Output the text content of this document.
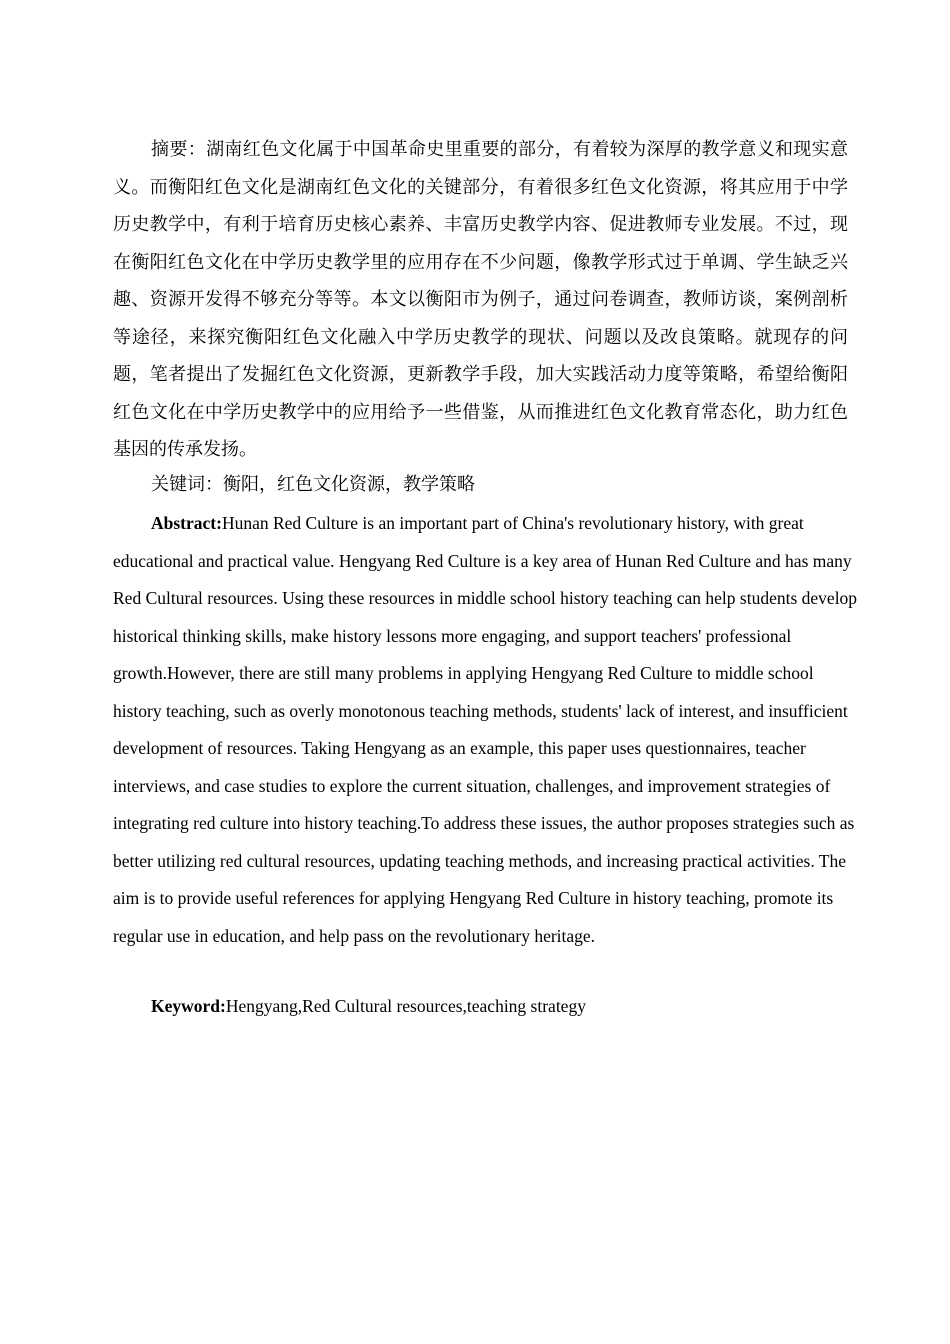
摘要：湖南红色文化属于中国革命史里重要的部分，有着较为深厚的教学意义和现实意义。而衡阳红色文化是湖南红色文化的关键部分，有着很多红色文化资源，将其应用于中学历史教学中，有利于培育历史核心素养、丰富历史教学内容、促进教师专业发展。不过，现在衡阳红色文化在中学历史教学里的应用存在不少问题，像教学形式过于单调、学生缺乏兴趣、资源开发得不够充分等等。本文以衡阳市为例子，通过问卷调查，教师访谈，案例剖析等途径，来探究衡阳红色文化融入中学历史教学的现状、问题以及改良策略。就现存的问题，笔者提出了发掘红色文化资源，更新教学手段，加大实践活动力度等策略，希望给衡阳红色文化在中学历史教学中的应用给予一些借鉴，从而推进红色文化教育常态化，助力红色基因的传承发扬。

关键词：衡阳，红色文化资源，教学策略

Abstract:Hunan Red Culture is an important part of China's revolutionary history, with great educational and practical value. Hengyang Red Culture is a key area of Hunan Red Culture and has many Red Cultural resources. Using these resources in middle school history teaching can help students develop historical thinking skills, make history lessons more engaging, and support teachers' professional growth.However, there are still many problems in applying Hengyang Red Culture to middle school history teaching, such as overly monotonous teaching methods, students' lack of interest, and insufficient development of resources. Taking Hengyang as an example, this paper uses questionnaires, teacher interviews, and case studies to explore the current situation, challenges, and improvement strategies of integrating red culture into history teaching.To address these issues, the author proposes strategies such as better utilizing red cultural resources, updating teaching methods, and increasing practical activities. The aim is to provide useful references for applying Hengyang Red Culture in history teaching, promote its regular use in education, and help pass on the revolutionary heritage.

Keyword:Hengyang,Red Cultural resources,teaching strategy
